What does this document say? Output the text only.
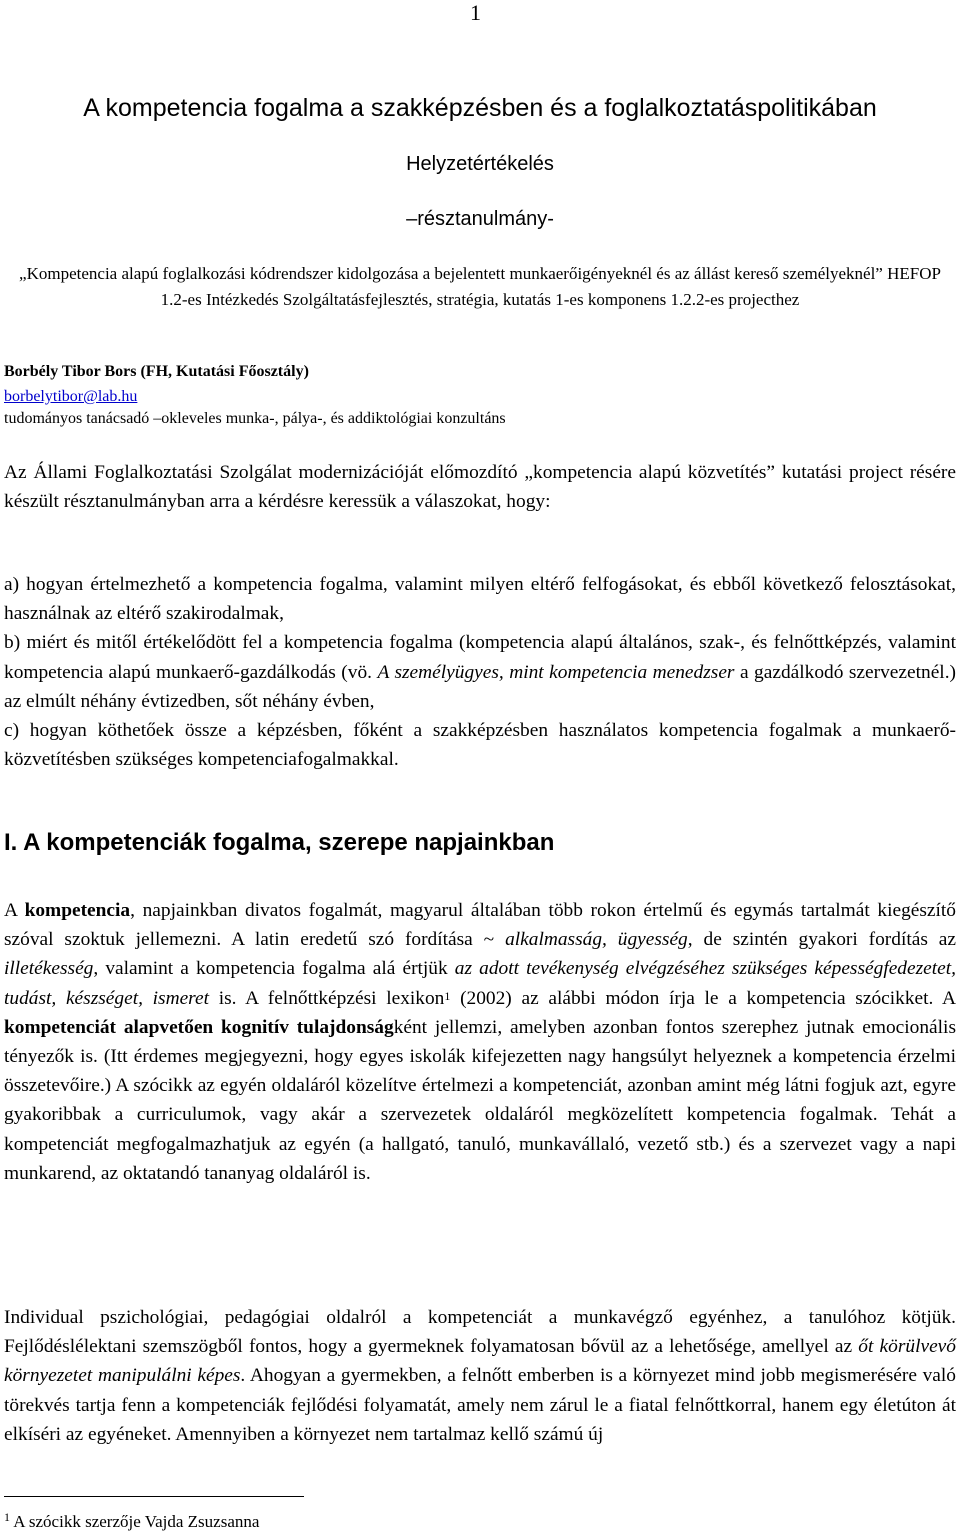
1
A kompetencia fogalma a szakképzésben és a foglalkoztatáspolitikában
Helyzetértékelés
–résztanulmány-
„Kompetencia alapú foglalkozási kódrendszer kidolgozása a bejelentett munkaerőigényeknél és az állást kereső személyeknél” HEFOP 1.2-es Intézkedés Szolgáltatásfejlesztés, stratégia, kutatás 1-es komponens 1.2.2-es projecthez
Borbély Tibor Bors (FH, Kutatási Főosztály)
borbelytibor@lab.hu
tudományos tanácsadó –okleveles munka-, pálya-, és addiktológiai konzultáns
Az Állami Foglalkoztatási Szolgálat modernizációját előmozdító „kompetencia alapú közvetítés” kutatási project résére készült résztanulmányban arra a kérdésre keressük a válaszokat, hogy:

a) hogyan értelmezhető a kompetencia fogalma, valamint milyen eltérő felfogásokat, és ebből következő felosztásokat, használnak az eltérő szakirodalmak,

b) miért és mitől értékelődött fel a kompetencia fogalma (kompetencia alapú általános, szak-, és felnőttképzés, valamint kompetencia alapú munkaerő-gazdálkodás (vö. A személyügyes, mint kompetencia menedzser a gazdálkodó szervezetnél.) az elmúlt néhány évtizedben, sőt néhány évben,

c) hogyan köthetőek össze a képzésben, főként a szakképzésben használatos kompetencia fogalmak a munkaerő-közvetítésben szükséges kompetenciafogalmakkal.

I. A kompetenciák fogalma, szerepe napjainkban
A kompetencia, napjainkban divatos fogalmát, magyarul általában több rokon értelmű és egymás tartalmát kiegészítő szóval szoktuk jellemezni. A latin eredetű szó fordítása ~ alkalmasság, ügyesség, de szintén gyakori fordítás az illetékesség, valamint a kompetencia fogalma alá értjük az adott tevékenység elvégzéséhez szükséges képességfedezetet, tudást, készséget, ismeret is. A felnőttképzési lexikon$^1$ (2002) az alábbi módon írja le a kompetencia szócikket. A kompetenciát alapvetően kognitív tulajdonságként jellemzi, amelyben azonban fontos szerephez jutnak emocionális tényezők is. (Itt érdemes megjegyezni, hogy egyes iskolák kifejezetten nagy hangsúlyt helyeznek a kompetencia érzelmi összetevőire.) A szócikk az egyén oldaláról közelítve értelmezi a kompetenciát, azonban amint még látni fogjuk azt, egyre gyakoribbak a curriculumok, vagy akár a szervezetek oldaláról megközelített kompetencia fogalmak. Tehát a kompetenciát megfogalmazhatjuk az egyén (a hallgató, tanuló, munkavállaló, vezető stb.) és a szervezet vagy a napi munkarend, az oktatandó tananyag oldaláról is.
Individual pszichológiai, pedagógiai oldalról a kompetenciát a munkavégző egyénhez, a tanulóhoz kötjük. Fejlődéslélektani szemszögből fontos, hogy a gyermeknek folyamatosan bővül az a lehetősége, amellyel az őt körülvevő környezetet manipulálni képes. Ahogyan a gyermekben, a felnőtt emberben is a környezet mind jobb megismerésére való törekvés tartja fenn a kompetenciák fejlődési folyamatát, amely nem zárul le a fiatal felnőttkorral, hanem egy életúton át elkíséri az egyéneket. Amennyiben a környezet nem tartalmaz kellő számú új
$^1$ A szócikk szerzője Vajda Zsuzsanna
